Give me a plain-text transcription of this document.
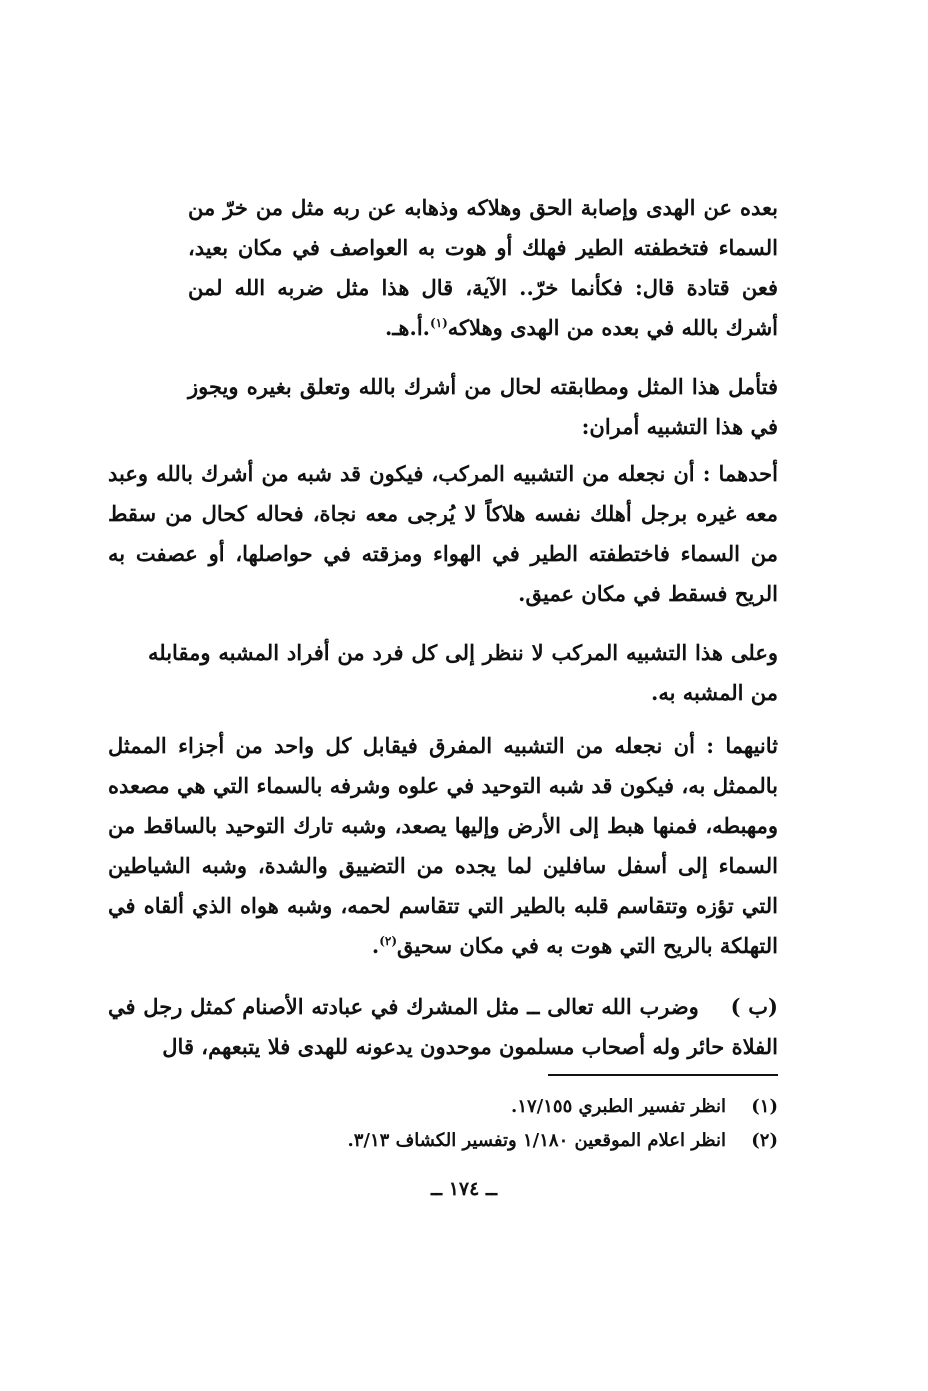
بعده عن الهدى وإصابة الحق وهلاكه وذهابه عن ربه مثل من خرّ من السماء فتخطفته الطير فهلك أو هوت به العواصف في مكان بعيد، فعن قتادة قال: فكأنما خرّ.. الآية، قال هذا مثل ضربه الله لمن أشرك بالله في بعده من الهدى وهلاكه$^{(١)}$.أ.هـ.

فتأمل هذا المثل ومطابقته لحال من أشرك بالله وتعلق بغيره ويجوز في هذا التشبيه أمران:

أحدهما : أن نجعله من التشبيه المركب، فيكون قد شبه من أشرك بالله وعبد معه غيره برجل أهلك نفسه هلاكاً لا يُرجى معه نجاة، فحاله كحال من سقط من السماء فاختطفته الطير في الهواء ومزقته في حواصلها، أو عصفت به الريح فسقط في مكان عميق.

وعلى هذا التشبيه المركب لا ننظر إلى كل فرد من أفراد المشبه ومقابله من المشبه به.

ثانيهما : أن نجعله من التشبيه المفرق فيقابل كل واحد من أجزاء الممثل بالممثل به، فيكون قد شبه التوحيد في علوه وشرفه بالسماء التي هي مصعده ومهبطه، فمنها هبط إلى الأرض وإليها يصعد، وشبه تارك التوحيد بالساقط من السماء إلى أسفل سافلين لما يجده من التضييق والشدة، وشبه الشياطين التي تؤزه وتتقاسم قلبه بالطير التي تتقاسم لحمه، وشبه هواه الذي ألقاه في التهلكة بالريح التي هوت به في مكان سحيق$^{(٢)}$.

(ب ) وضرب الله تعالى ــ مثل المشرك في عبادته الأصنام كمثل رجل في الفلاة حائر وله أصحاب مسلمون موحدون يدعونه للهدى فلا يتبعهم، قال

(١)
انظر تفسير الطبري ١٧/١٥٥.
(٢)
انظر اعلام الموقعين ١/١٨٠ وتفسير الكشاف ٣/١٣.
ــ ١٧٤ ــ
